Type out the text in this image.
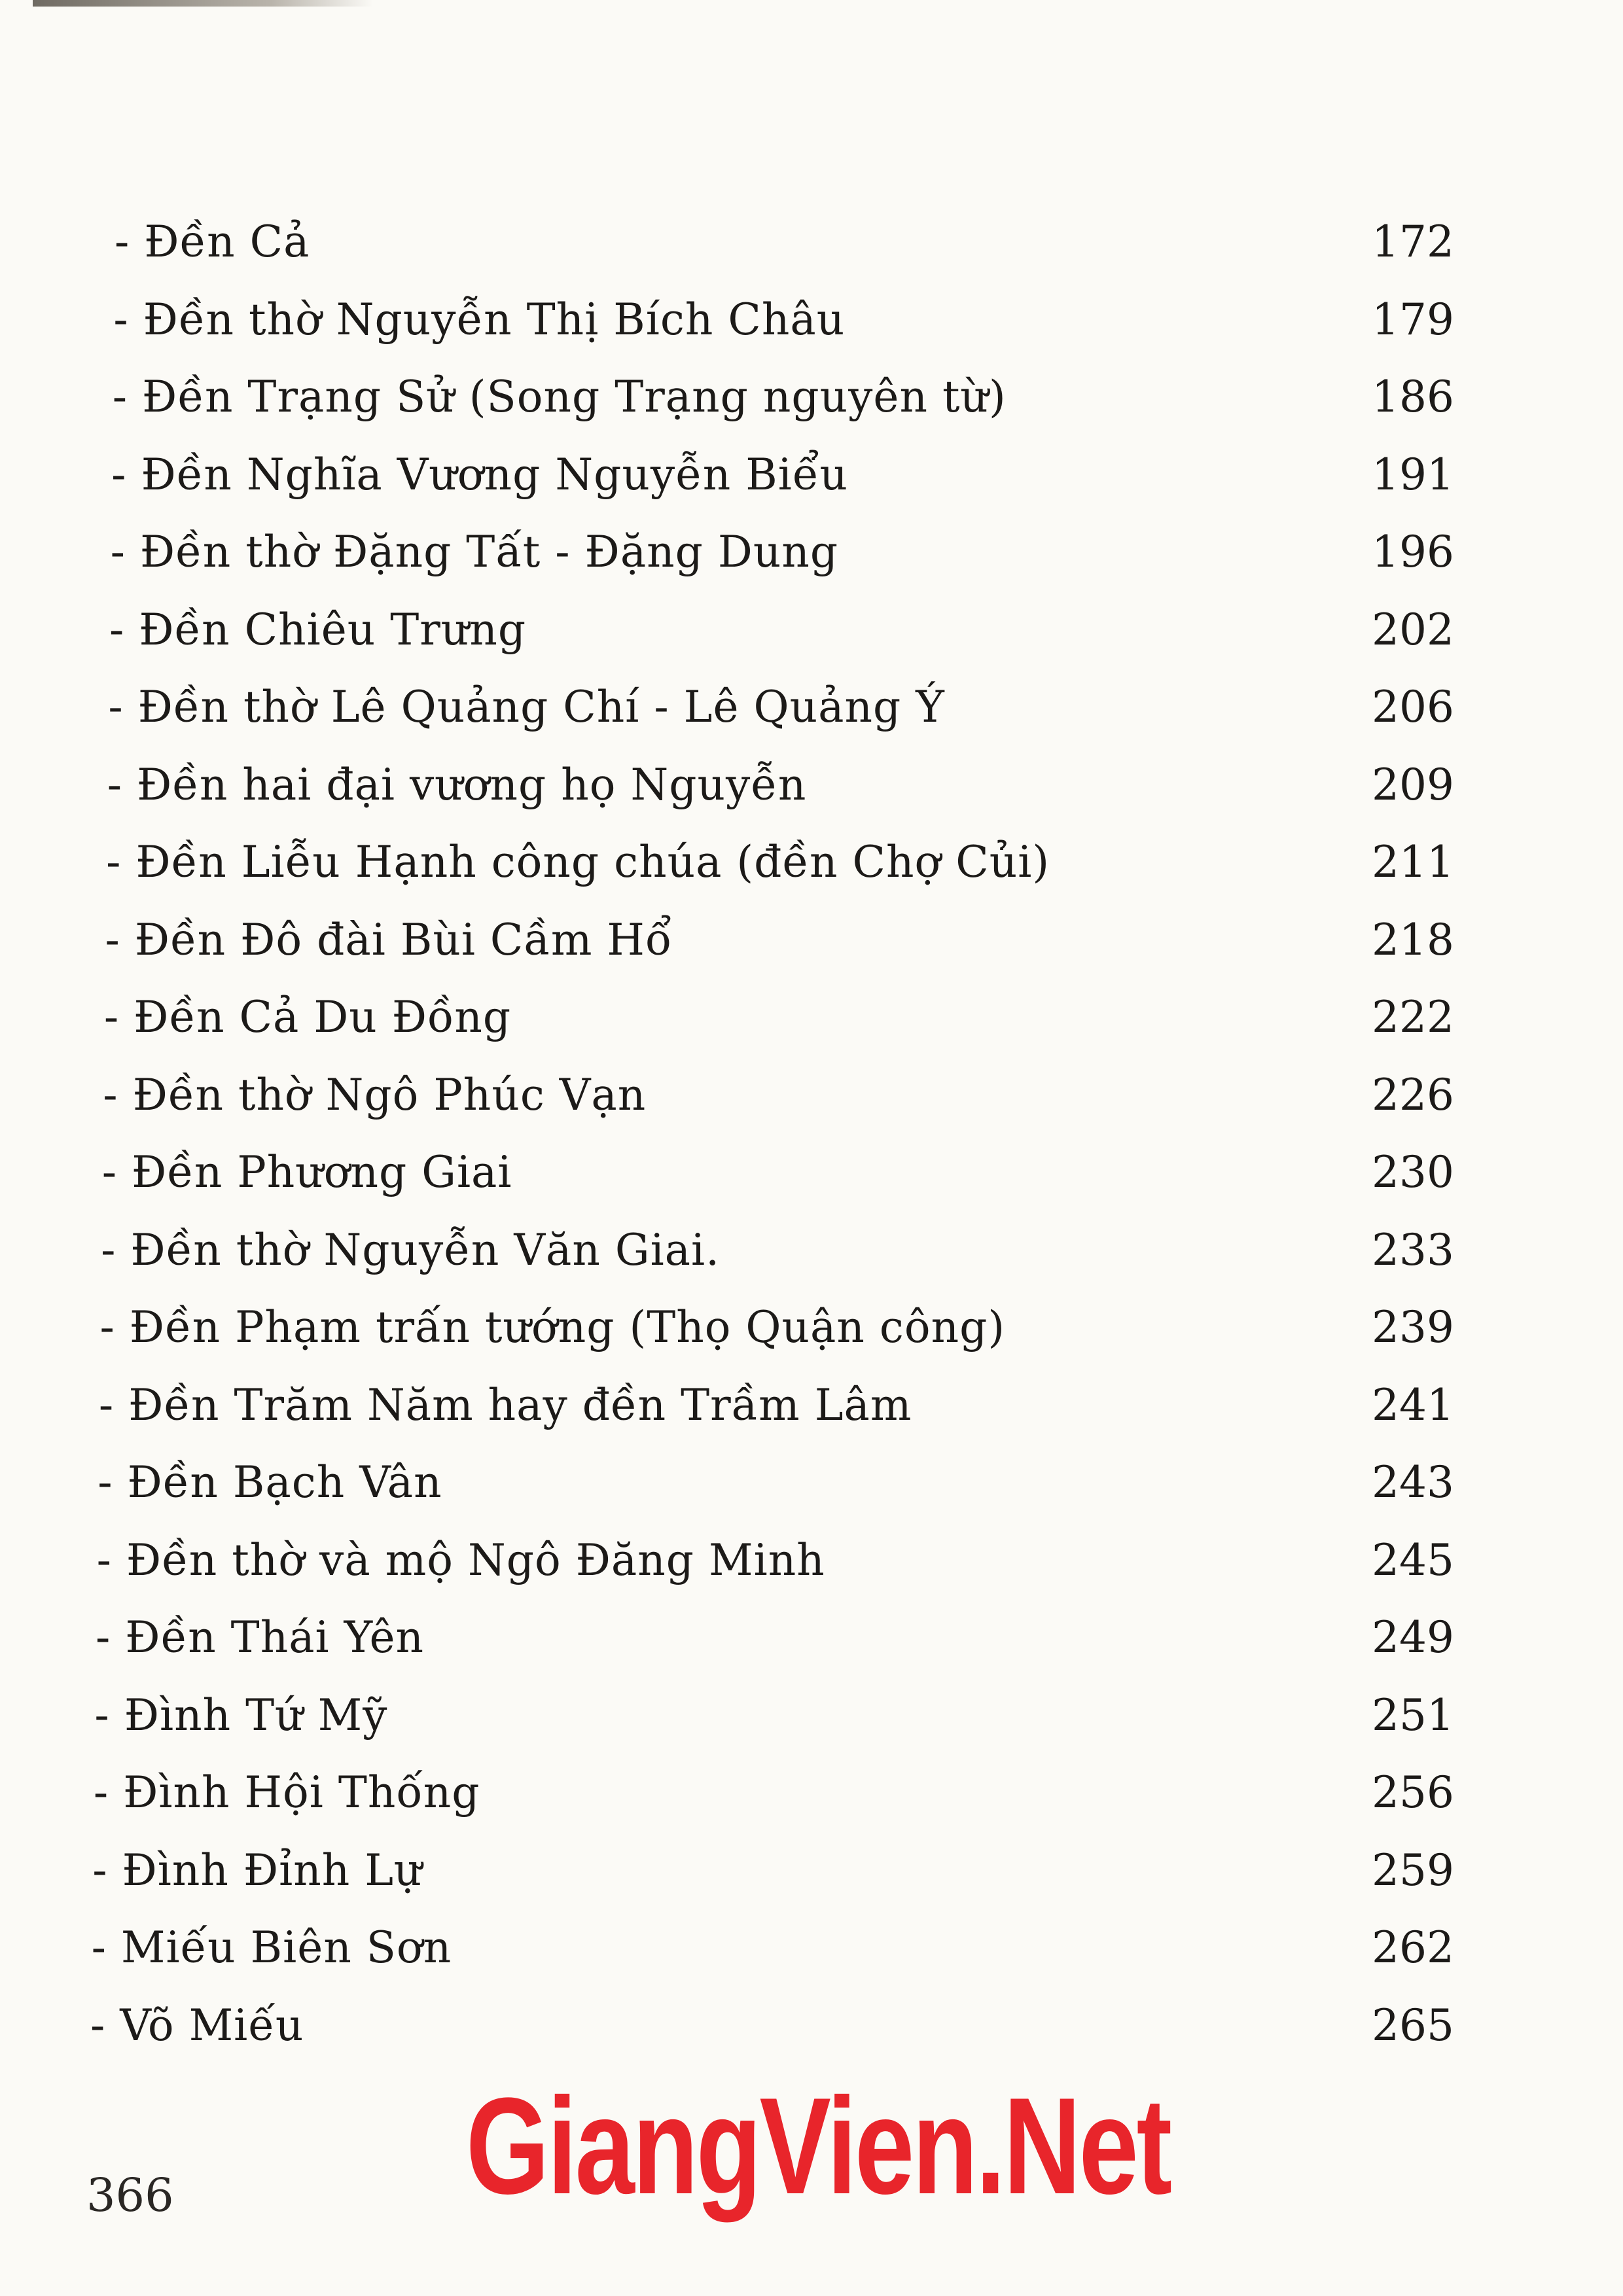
- Đền Cả	172
- Đền thờ Nguyễn Thị Bích Châu	179
- Đền Trạng Sử (Song Trạng nguyên từ)	186
- Đền Nghĩa Vương Nguyễn Biểu	191
- Đền thờ Đặng Tất - Đặng Dung	196
- Đền Chiêu Trưng	202
- Đền thờ Lê Quảng Chí - Lê Quảng Ý	206
- Đền hai đại vương họ Nguyễn	209
- Đền Liễu Hạnh công chúa (đền Chợ Củi)	211
- Đền Đô đài Bùi Cầm Hổ	218
- Đền Cả Du Đồng	222
- Đền thờ Ngô Phúc Vạn	226
- Đền Phương Giai	230
- Đền thờ Nguyễn Văn Giai.	233
- Đền Phạm trấn tướng (Thọ Quận công)	239
- Đền Trăm Năm hay đền Trầm Lâm	241
- Đền Bạch Vân	243
- Đền thờ và mộ Ngô Đăng Minh	245
- Đền Thái Yên	249
- Đình Tứ Mỹ	251
- Đình Hội Thống	256
- Đình Đỉnh Lự	259
- Miếu Biên Sơn	262
- Võ Miếu	265
366 GiangVien.Net
